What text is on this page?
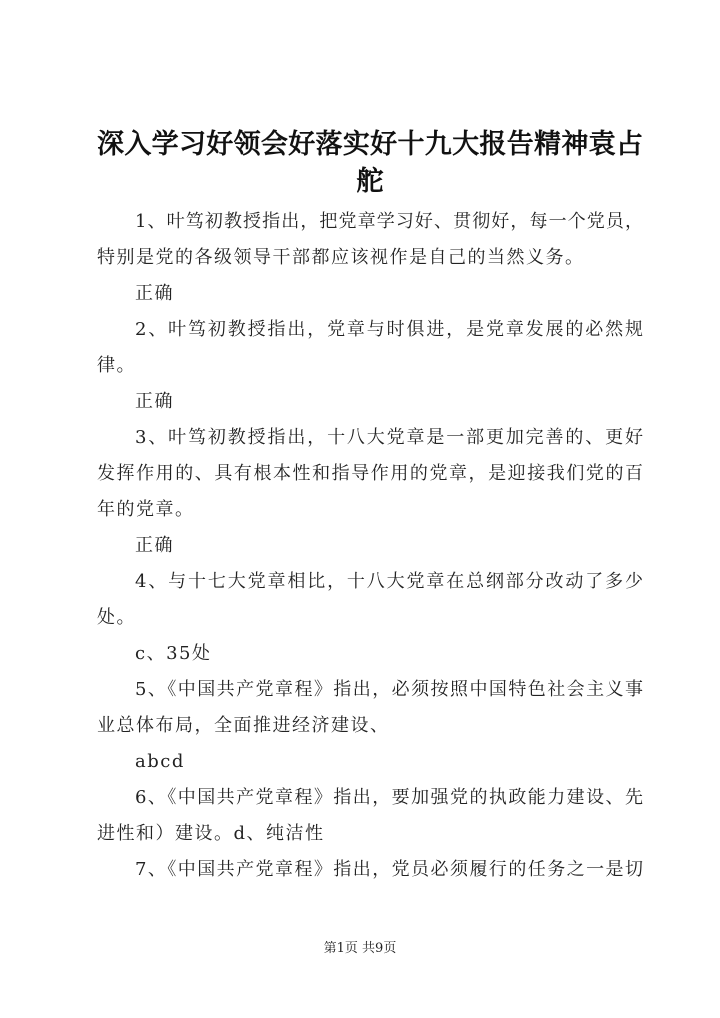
深入学习好领会好落实好十九大报告精神袁占
舵
1、叶笃初教授指出，把党章学习好、贯彻好，每一个党员，
特别是党的各级领导干部都应该视作是自己的当然义务。
正确
2、叶笃初教授指出，党章与时俱进，是党章发展的必然规
律。
正确
3、叶笃初教授指出，十八大党章是一部更加完善的、更好
发挥作用的、具有根本性和指导作用的党章，是迎接我们党的百
年的党章。
正确
4、与十七大党章相比，十八大党章在总纲部分改动了多少
处。
c、35处
5、《中国共产党章程》指出，必须按照中国特色社会主义事
业总体布局，全面推进经济建设、
abcd
6、《中国共产党章程》指出，要加强党的执政能力建设、先
进性和）建设。d、纯洁性
7、《中国共产党章程》指出，党员必须履行的任务之一是切
第1页 共9页
